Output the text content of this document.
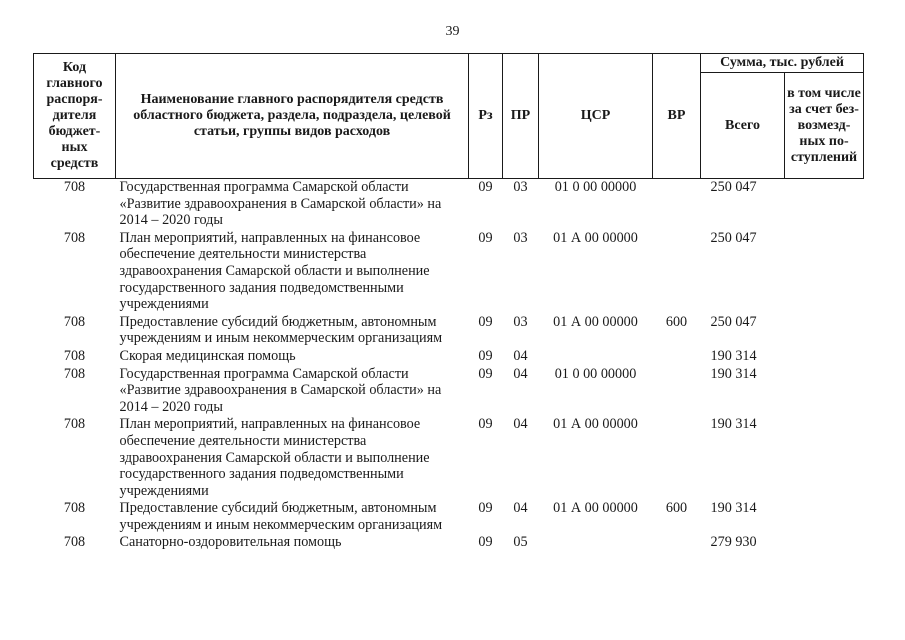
39
Код главного распоря-дителя бюджет-ных средств	Наименование главного распорядителя средств областного бюджета, раздела, подраздела, целевой статьи, группы видов расходов	Рз	ПР	ЦСР	ВР	Сумма, тыс. рублей	
						Всего	в том числе за счет без-возмезд-ных по-ступлений
708	Государственная программа Самарской области «Развитие здравоохранения в Самарской области» на 2014 – 2020 годы	09	03	01 0 00 00000		250 047	
708	План мероприятий, направленных на финансовое обеспечение деятельности министерства здравоохранения Самарской области и выполнение государственного задания подведомственными учреждениями	09	03	01 А 00 00000		250 047	
708	Предоставление субсидий бюджетным, автономным учреждениям и иным некоммерческим организациям	09	03	01 А 00 00000	600	250 047	
708	Скорая медицинская помощь	09	04			190 314	
708	Государственная программа Самарской области «Развитие здравоохранения в Самарской области» на 2014 – 2020 годы	09	04	01 0 00 00000		190 314	
708	План мероприятий, направленных на финансовое обеспечение деятельности министерства здравоохранения Самарской области и выполнение государственного задания подведомственными учреждениями	09	04	01 А 00 00000		190 314	
708	Предоставление субсидий бюджетным, автономным учреждениям и иным некоммерческим организациям	09	04	01 А 00 00000	600	190 314	
708	Санаторно-оздоровительная помощь	09	05			279 930	
